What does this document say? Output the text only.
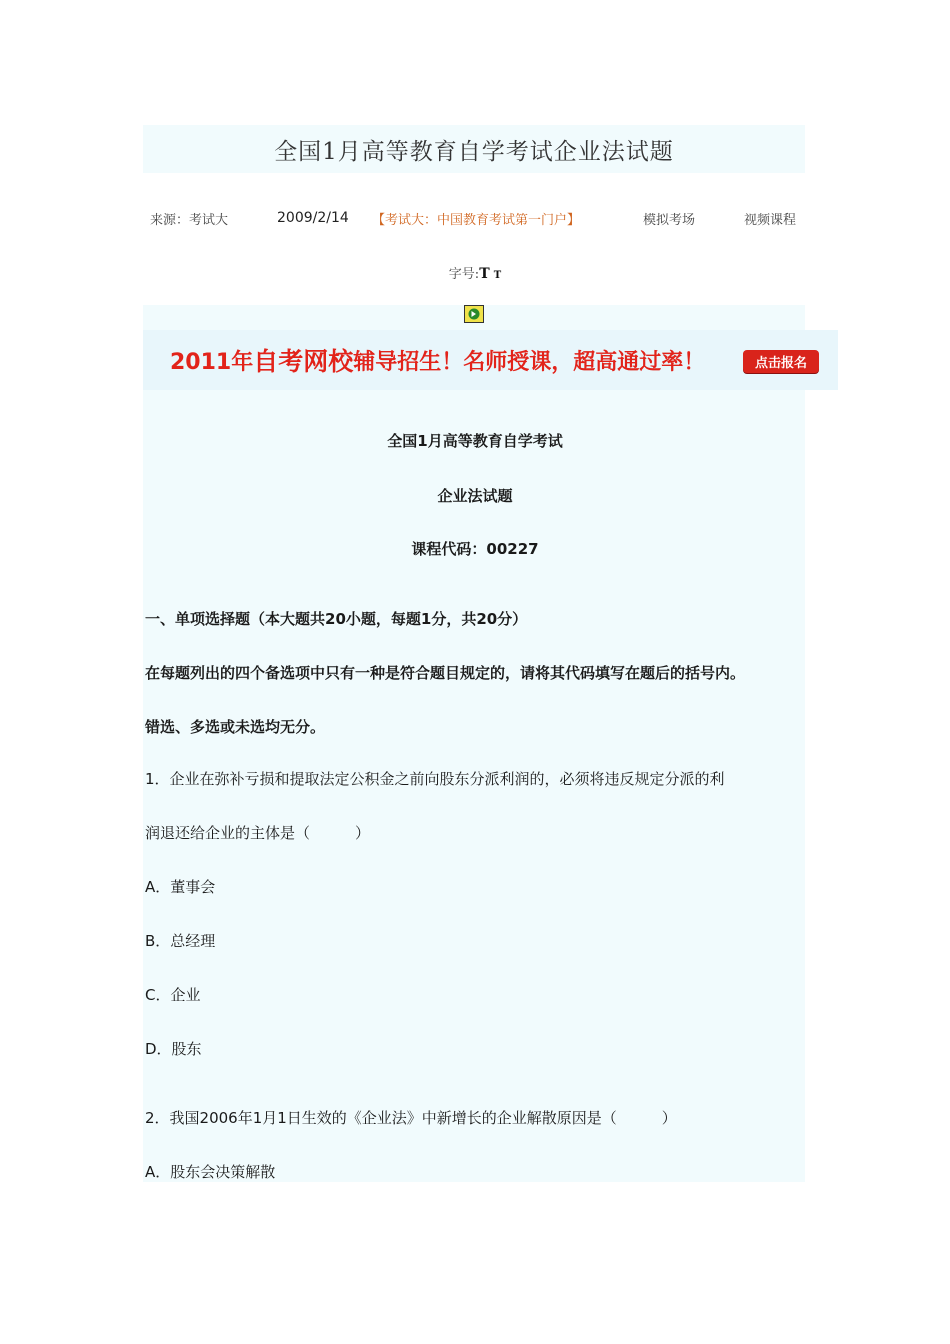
全国1月高等教育自学考试企业法试题
来源：考试大	2009/2/14 【考试大：中国教育考试第一门户】	模拟考场	视频课程
字号:T T
2011年 自考网校 辅导招生！名师授课，超高通过率！	点击报名
全国1月高等教育自学考试
企业法试题
课程代码：00227
一、单项选择题（本大题共20小题，每题1分，共20分）
在每题列出的四个备选项中只有一种是符合题目规定的，请将其代码填写在题后的括号内。
错选、多选或未选均无分。
1．企业在弥补亏损和提取法定公积金之前向股东分派利润的，必须将违反规定分派的利
润退还给企业的主体是（　　　）
A．董事会
B．总经理
C．企业
D．股东
2．我国2006年1月1日生效的《企业法》中新增长的企业解散原因是（　　　）
A．股东会决策解散
